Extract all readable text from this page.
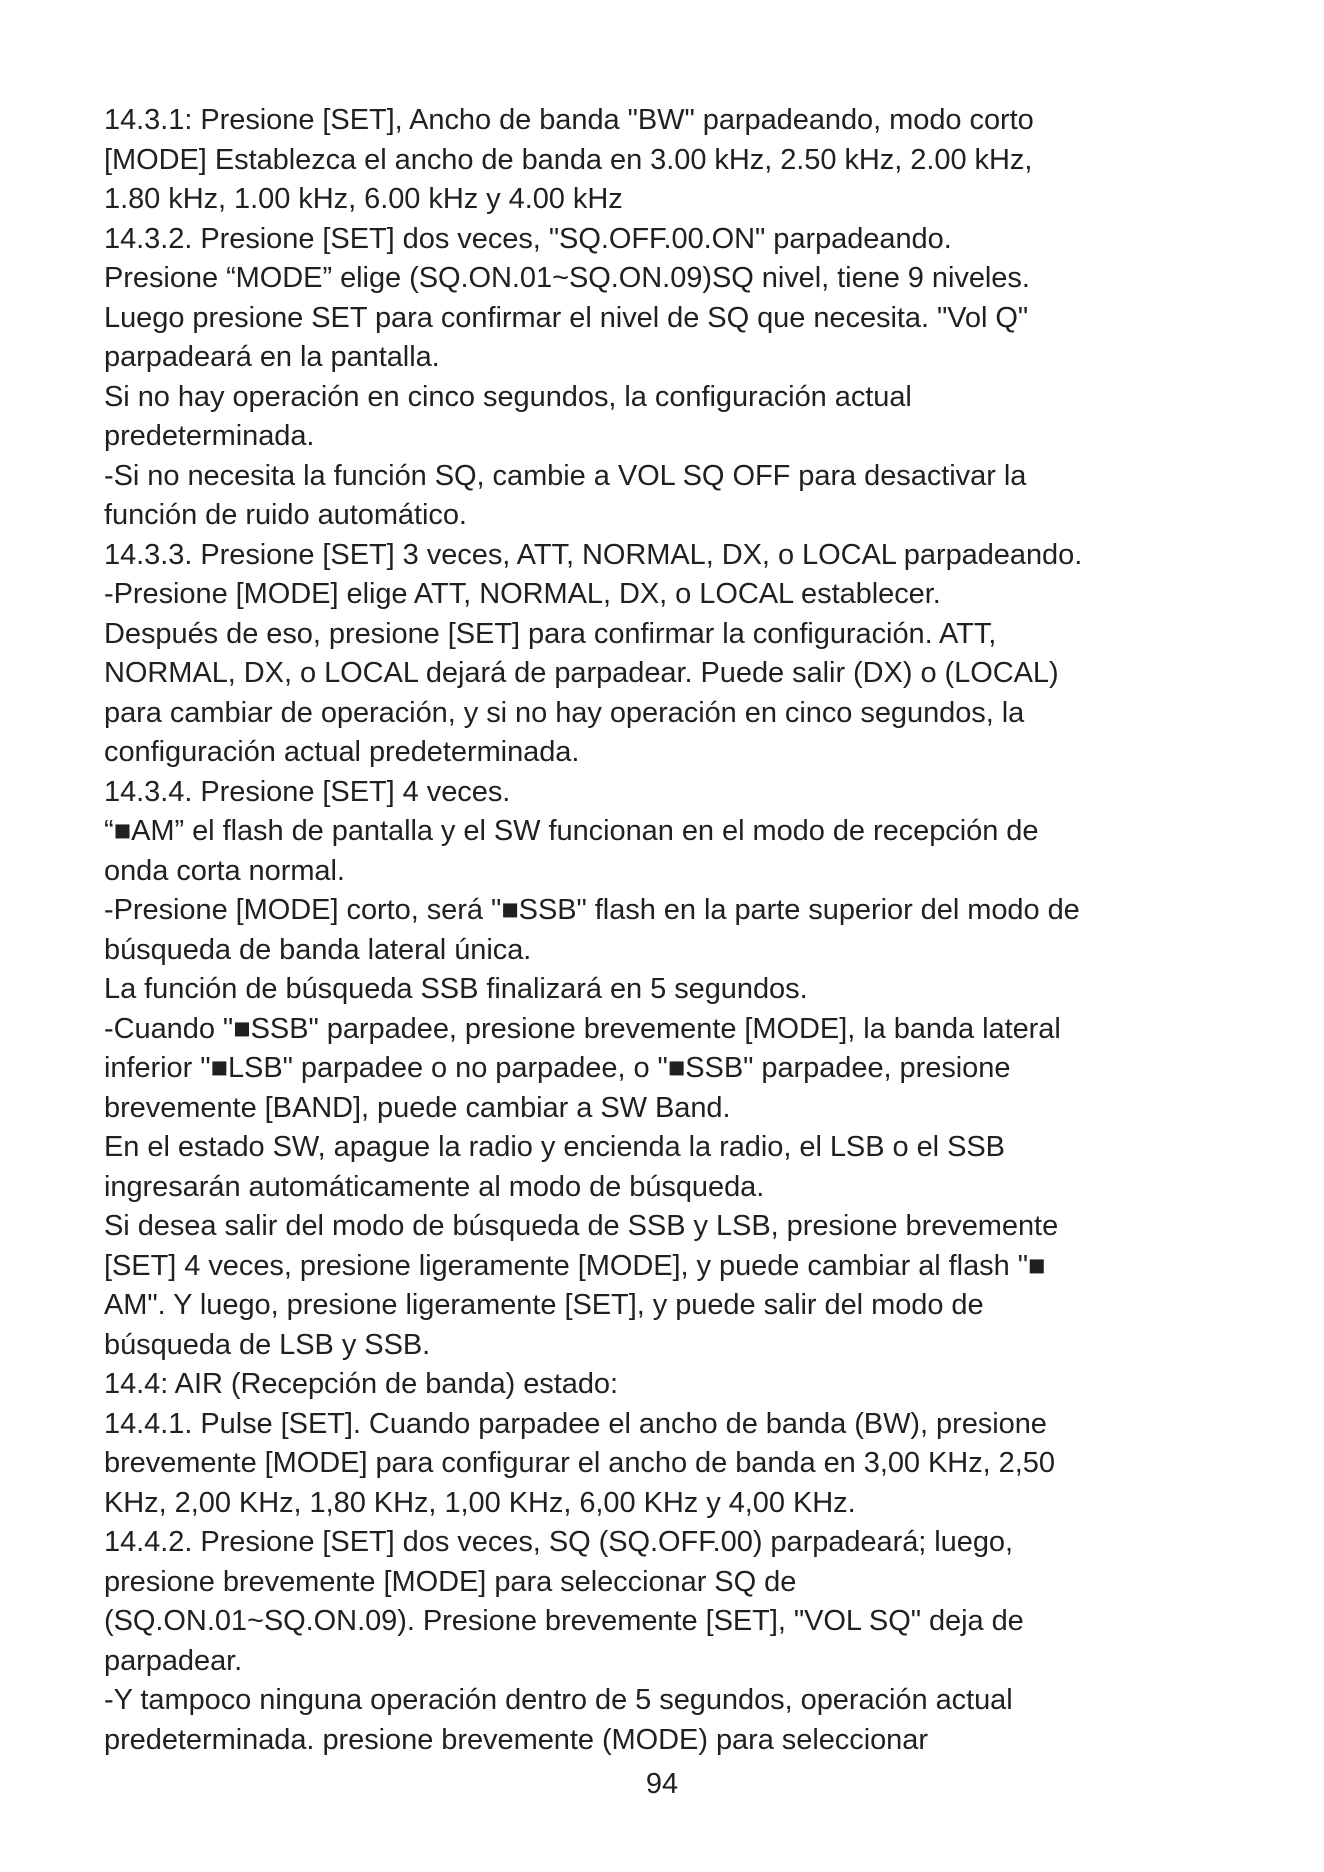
14.3.1: Presione [SET], Ancho de banda "BW" parpadeando, modo corto
[MODE] Establezca el ancho de banda en 3.00 kHz, 2.50 kHz, 2.00 kHz,
1.80 kHz, 1.00 kHz, 6.00 kHz y 4.00 kHz
14.3.2. Presione [SET] dos veces, "SQ.OFF.00.ON" parpadeando.
Presione “MODE” elige (SQ.ON.01~SQ.ON.09)SQ nivel, tiene 9 niveles.
Luego presione SET para confirmar el nivel de SQ que necesita. "Vol Q"
parpadeará en la pantalla.
Si no hay operación en cinco segundos, la configuración actual
predeterminada.
-Si no necesita la función SQ, cambie a VOL SQ OFF para desactivar la
función de ruido automático.
14.3.3. Presione [SET] 3 veces, ATT, NORMAL, DX, o LOCAL parpadeando.
-Presione [MODE] elige ATT, NORMAL, DX, o LOCAL establecer.
Después de eso, presione [SET] para confirmar la configuración. ATT,
NORMAL, DX, o LOCAL dejará de parpadear. Puede salir (DX) o (LOCAL)
para cambiar de operación, y si no hay operación en cinco segundos, la
configuración actual predeterminada.
14.3.4. Presione [SET] 4 veces.
“■AM” el flash de pantalla y el SW funcionan en el modo de recepción de
onda corta normal.
-Presione [MODE] corto, será "■SSB" flash en la parte superior del modo de
búsqueda de banda lateral única.
La función de búsqueda SSB finalizará en 5 segundos.
-Cuando "■SSB" parpadee, presione brevemente [MODE], la banda lateral
inferior "■LSB" parpadee o no parpadee, o "■SSB" parpadee, presione
brevemente [BAND], puede cambiar a SW Band.
En el estado SW, apague la radio y encienda la radio, el LSB o el SSB
ingresarán automáticamente al modo de búsqueda.
Si desea salir del modo de búsqueda de SSB y LSB, presione brevemente
[SET] 4 veces, presione ligeramente [MODE], y puede cambiar al flash "■
AM". Y luego, presione ligeramente [SET], y puede salir del modo de
búsqueda de LSB y SSB.
14.4: AIR (Recepción de banda) estado:
14.4.1. Pulse [SET]. Cuando parpadee el ancho de banda (BW), presione
brevemente [MODE] para configurar el ancho de banda en 3,00 KHz, 2,50
KHz, 2,00 KHz, 1,80 KHz, 1,00 KHz, 6,00 KHz y 4,00 KHz.
14.4.2. Presione [SET] dos veces, SQ (SQ.OFF.00) parpadeará; luego,
presione brevemente [MODE] para seleccionar SQ de
(SQ.ON.01~SQ.ON.09). Presione brevemente [SET], "VOL SQ" deja de
parpadear.
-Y tampoco ninguna operación dentro de 5 segundos, operación actual
predeterminada. presione brevemente (MODE) para seleccionar
94
